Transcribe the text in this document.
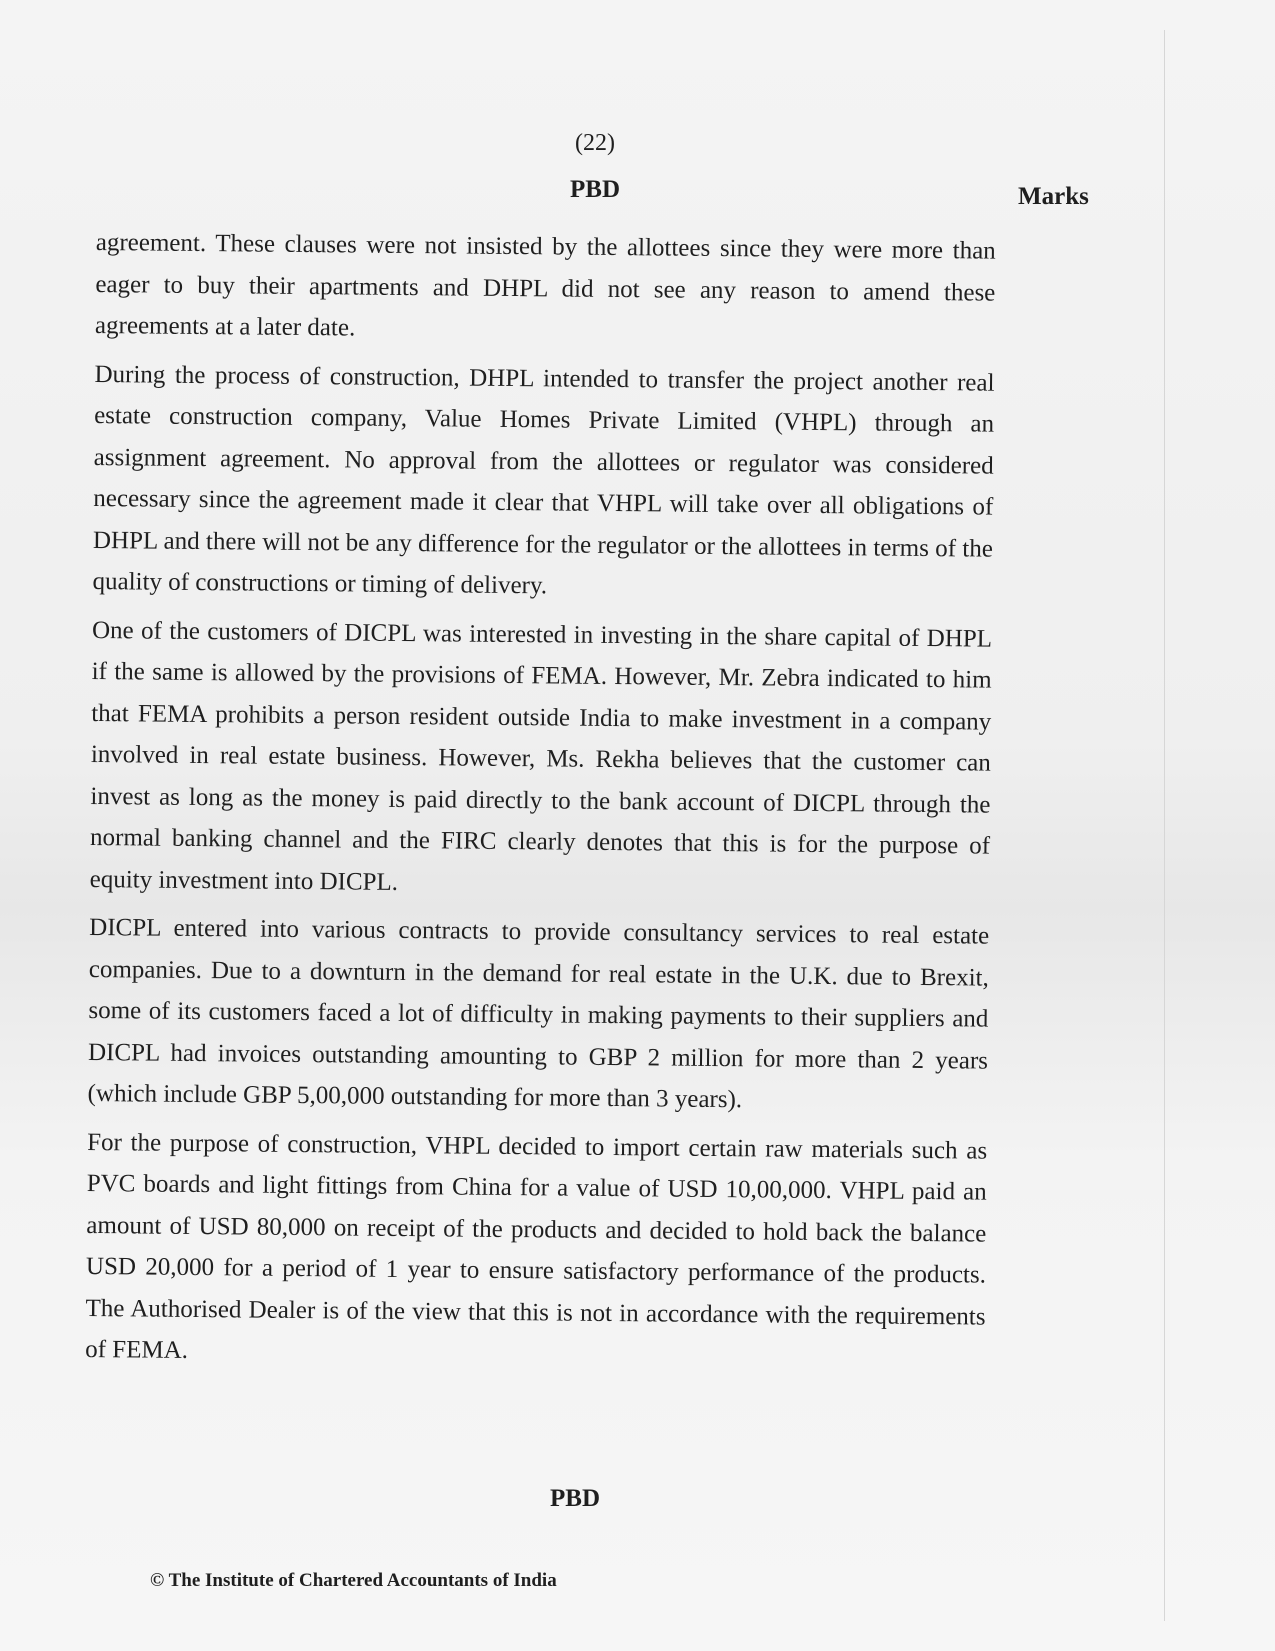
(22)
PBD	Marks

agreement. These clauses were not insisted by the allottees since they were more than eager to buy their apartments and DHPL did not see any reason to amend these agreements at a later date.

During the process of construction, DHPL intended to transfer the project another real estate construction company, Value Homes Private Limited (VHPL) through an assignment agreement. No approval from the allottees or regulator was considered necessary since the agreement made it clear that VHPL will take over all obligations of DHPL and there will not be any difference for the regulator or the allottees in terms of the quality of constructions or timing of delivery.

One of the customers of DICPL was interested in investing in the share capital of DHPL if the same is allowed by the provisions of FEMA. However, Mr. Zebra indicated to him that FEMA prohibits a person resident outside India to make investment in a company involved in real estate business. However, Ms. Rekha believes that the customer can invest as long as the money is paid directly to the bank account of DICPL through the normal banking channel and the FIRC clearly denotes that this is for the purpose of equity investment into DICPL.

DICPL entered into various contracts to provide consultancy services to real estate companies. Due to a downturn in the demand for real estate in the U.K. due to Brexit, some of its customers faced a lot of difficulty in making payments to their suppliers and DICPL had invoices outstanding amounting to GBP 2 million for more than 2 years (which include GBP 5,00,000 outstanding for more than 3 years).

For the purpose of construction, VHPL decided to import certain raw materials such as PVC boards and light fittings from China for a value of USD 10,00,000. VHPL paid an amount of USD 80,000 on receipt of the products and decided to hold back the balance USD 20,000 for a period of 1 year to ensure satisfactory performance of the products. The Authorised Dealer is of the view that this is not in accordance with the requirements of FEMA.

PBD
© The Institute of Chartered Accountants of India
